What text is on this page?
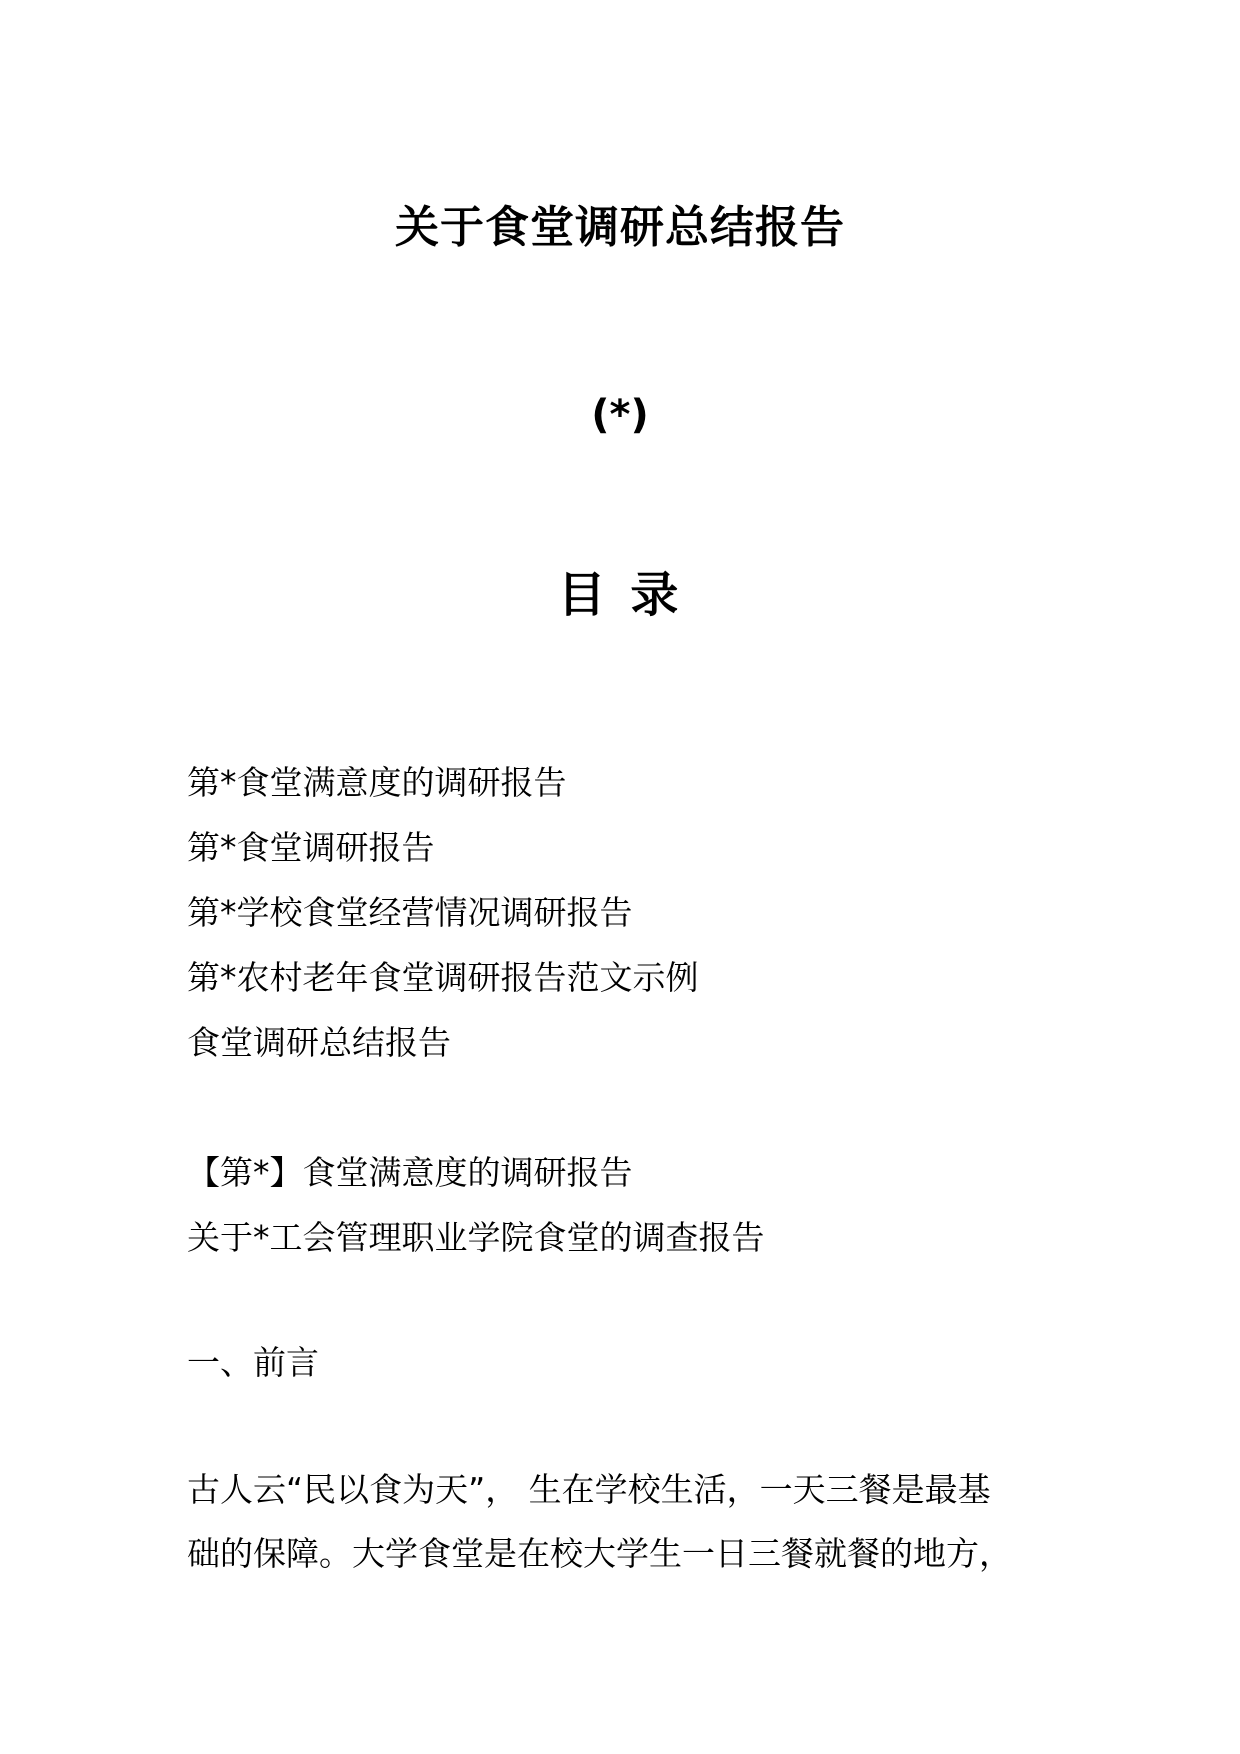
关于食堂调研总结报告
(*)
目 录
第*食堂满意度的调研报告
第*食堂调研报告
第*学校食堂经营情况调研报告
第*农村老年食堂调研报告范文示例
食堂调研总结报告
【第*】食堂满意度的调研报告
关于*工会管理职业学院食堂的调查报告
一、前言
古人云“民以食为天”， 生在学校生活，一天三餐是最基
础的保障。大学食堂是在校大学生一日三餐就餐的地方，
